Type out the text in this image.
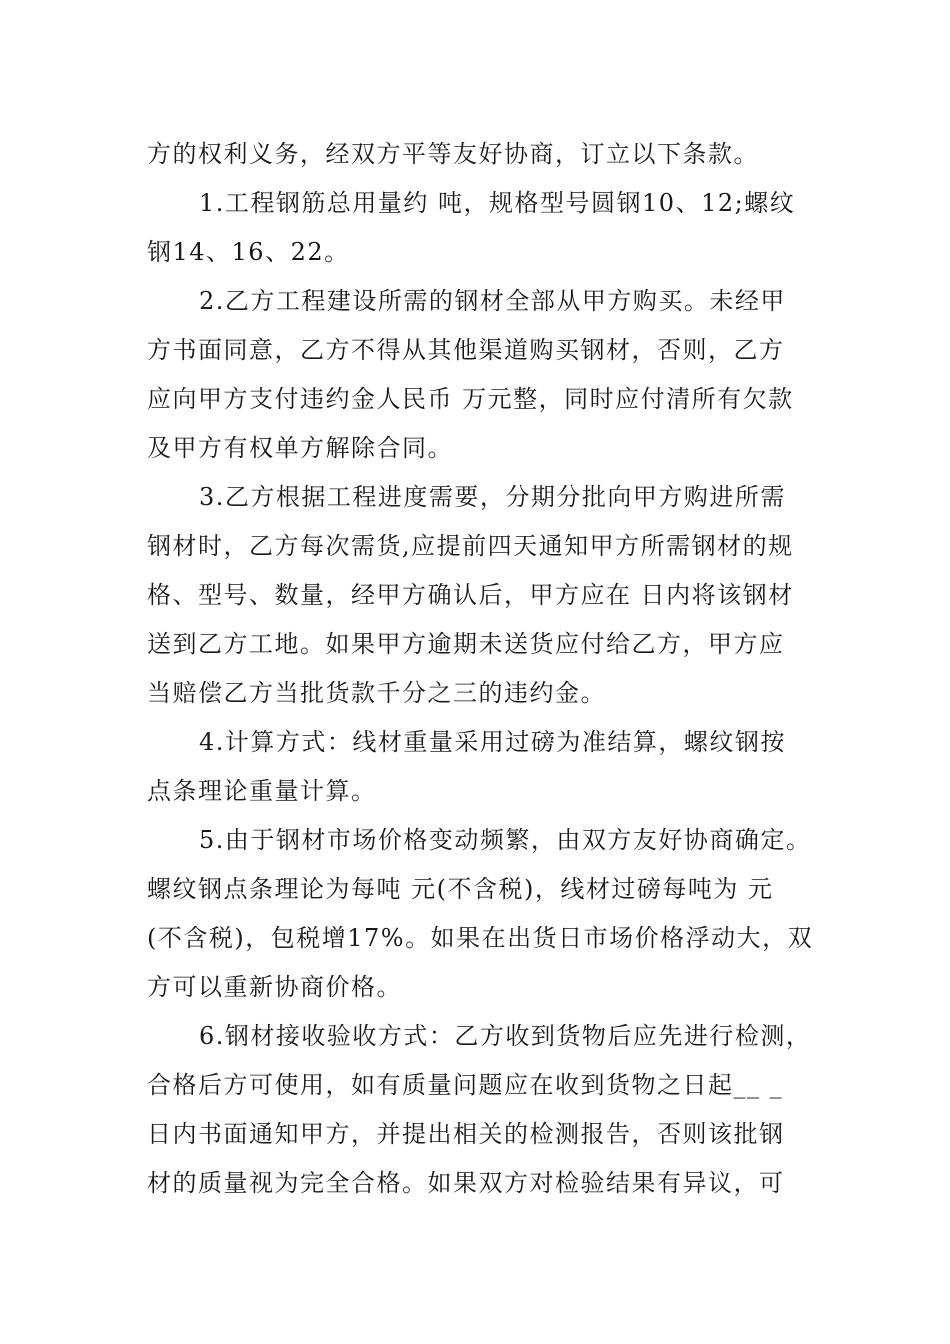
方的权利义务，经双方平等友好协商，订立以下条款。
1.工程钢筋总用量约 吨，规格型号圆钢10、12;螺纹
钢14、16、22。
2.乙方工程建设所需的钢材全部从甲方购买。未经甲
方书面同意，乙方不得从其他渠道购买钢材，否则，乙方
应向甲方支付违约金人民币 万元整，同时应付清所有欠款
及甲方有权单方解除合同。
3.乙方根据工程进度需要，分期分批向甲方购进所需
钢材时，乙方每次需货,应提前四天通知甲方所需钢材的规
格、型号、数量，经甲方确认后，甲方应在 日内将该钢材
送到乙方工地。如果甲方逾期未送货应付给乙方，甲方应
当赔偿乙方当批货款千分之三的违约金。
4.计算方式：线材重量采用过磅为准结算，螺纹钢按
点条理论重量计算。
5.由于钢材市场价格变动频繁，由双方友好协商确定。
螺纹钢点条理论为每吨 元(不含税)，线材过磅每吨为 元
(不含税)，包税增17%。如果在出货日市场价格浮动大，双
方可以重新协商价格。
6.钢材接收验收方式：乙方收到货物后应先进行检测，
合格后方可使用，如有质量问题应在收到货物之日起__ _
日内书面通知甲方，并提出相关的检测报告，否则该批钢
材的质量视为完全合格。如果双方对检验结果有异议，可
